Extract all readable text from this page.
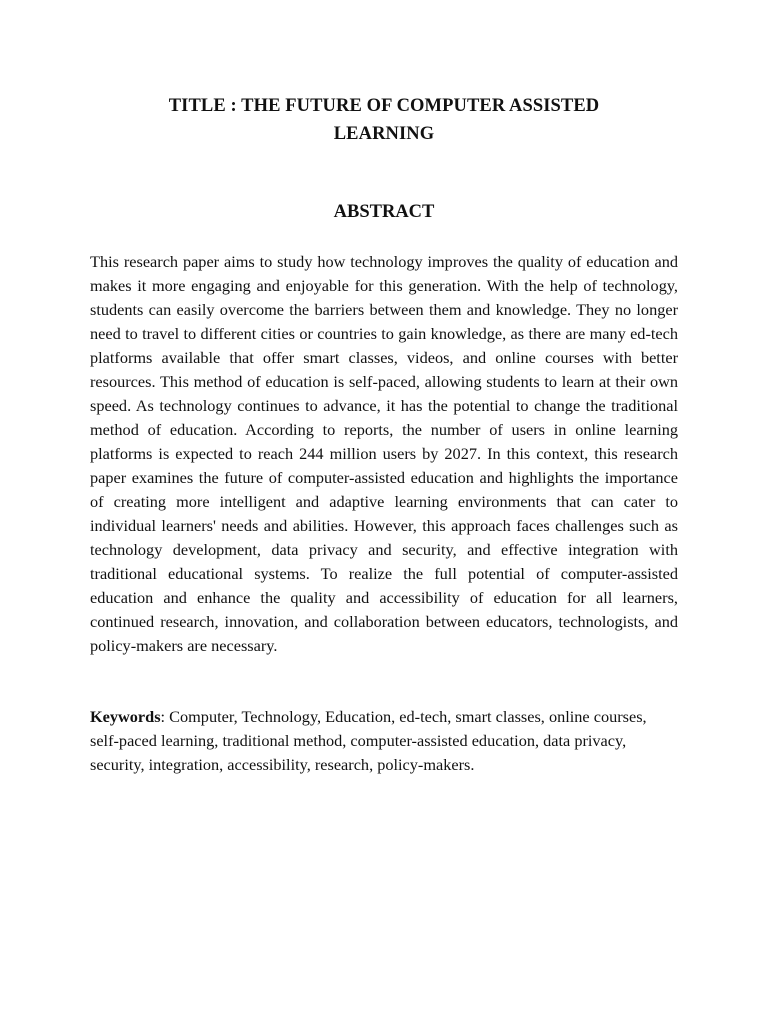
TITLE : THE FUTURE OF COMPUTER ASSISTED
LEARNING
ABSTRACT

This research paper aims to study how technology improves the quality of education and makes it more engaging and enjoyable for this generation. With the help of technology, students can easily overcome the barriers between them and knowledge. They no longer need to travel to different cities or countries to gain knowledge, as there are many ed-tech platforms available that offer smart classes, videos, and online courses with better resources. This method of education is self-paced, allowing students to learn at their own speed. As technology continues to advance, it has the potential to change the traditional method of education. According to reports, the number of users in online learning platforms is expected to reach 244 million users by 2027. In this context, this research paper examines the future of computer-assisted education and highlights the importance of creating more intelligent and adaptive learning environments that can cater to individual learners' needs and abilities. However, this approach faces challenges such as technology development, data privacy and security, and effective integration with traditional educational systems. To realize the full potential of computer-assisted education and enhance the quality and accessibility of education for all learners, continued research, innovation, and collaboration between educators, technologists, and policy-makers are necessary.

Keywords: Computer, Technology, Education, ed-tech, smart classes, online courses, self-paced learning, traditional method, computer-assisted education, data privacy, security, integration, accessibility, research, policy-makers.
